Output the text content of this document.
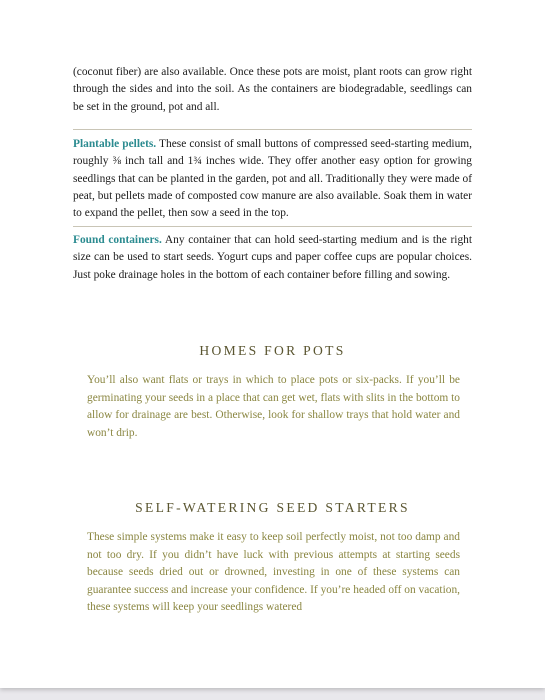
(coconut fiber) are also available. Once these pots are moist, plant roots can grow right through the sides and into the soil. As the containers are biodegradable, seedlings can be set in the ground, pot and all.

Plantable pellets. These consist of small buttons of compressed seed-starting medium, roughly ⅜ inch tall and 1¾ inches wide. They offer another easy option for growing seedlings that can be planted in the garden, pot and all. Traditionally they were made of peat, but pellets made of composted cow manure are also available. Soak them in water to expand the pellet, then sow a seed in the top.

Found containers. Any container that can hold seed-starting medium and is the right size can be used to start seeds. Yogurt cups and paper coffee cups are popular choices. Just poke drainage holes in the bottom of each container before filling and sowing.

HOMES FOR POTS

You’ll also want flats or trays in which to place pots or six-packs. If you’ll be germinating your seeds in a place that can get wet, flats with slits in the bottom to allow for drainage are best. Otherwise, look for shallow trays that hold water and won’t drip.

SELF-WATERING SEED STARTERS

These simple systems make it easy to keep soil perfectly moist, not too damp and not too dry. If you didn’t have luck with previous attempts at starting seeds because seeds dried out or drowned, investing in one of these systems can guarantee success and increase your confidence. If you’re headed off on vacation, these systems will keep your seedlings watered
